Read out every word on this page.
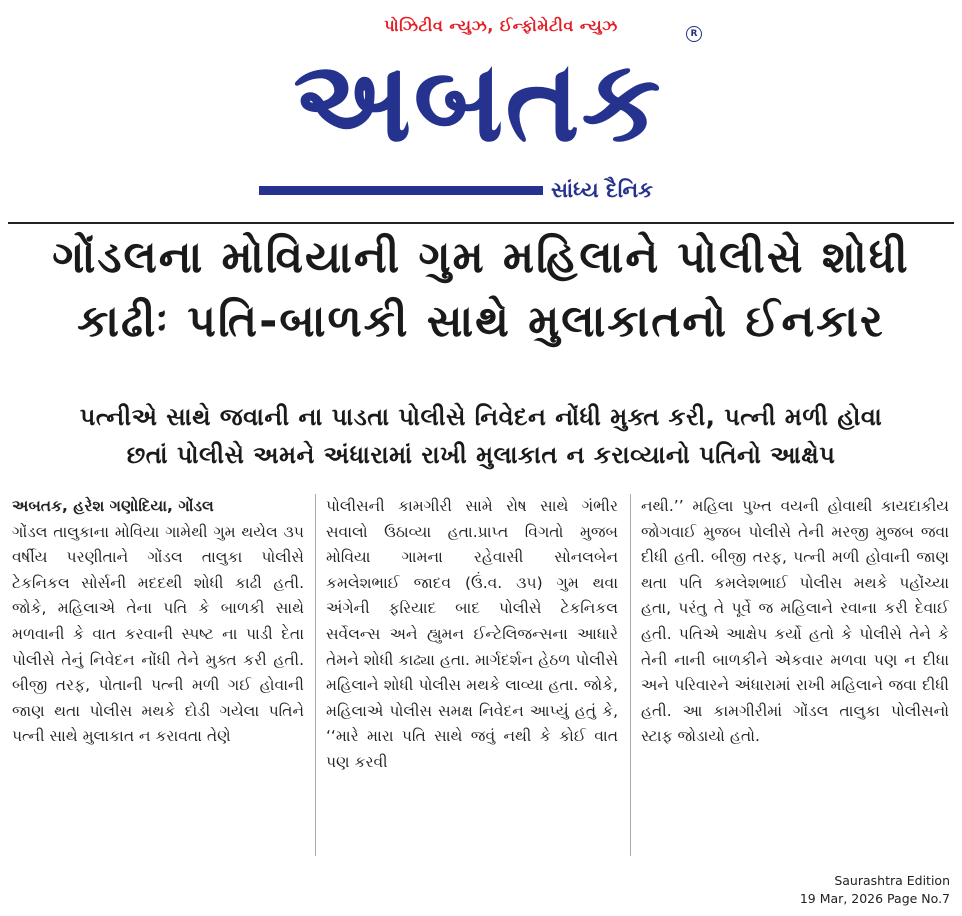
પોઝિટીવ ન્યુઝ, ઈન્ફોમેટીવ ન્યુઝ	R
અબતક
સાંધ્ય દૈનિક
ગોંડલના મોવિયાની ગુમ મહિલાને પોલીસે શોધી
કાઢીઃ પતિ-બાળકી સાથે મુલાકાતનો ઈનકાર
પત્નીએ સાથે જવાની ના પાડતા પોલીસે નિવેદન નોંધી મુક્ત કરી, પત્ની મળી હોવા
છતાં પોલીસે અમને અંધારામાં રાખી મુલાકાત ન કરાવ્યાનો પતિનો આક્ષેપ

અબતક, હરેશ ગણોદિયા, ગોંડલ

ગોંડલ તાલુકાના મોવિયા ગામેથી ગુમ થયેલ ૩૫ વર્ષીય પરણીતાને ગોંડલ તાલુકા પોલીસે ટેકનિકલ સોર્સની મદદથી શોધી કાઢી હતી. જોકે, મહિલાએ તેના પતિ કે બાળકી સાથે મળવાની કે વાત કરવાની સ્પષ્ટ ના પાડી દેતા પોલીસે તેનું નિવેદન નોંધી તેને મુક્ત કરી હતી. બીજી તરફ, પોતાની પત્ની મળી ગઈ હોવાની જાણ થતા પોલીસ મથકે દોડી ગયેલા પતિને પત્ની સાથે મુલાકાત ન કરાવતા તેણે

પોલીસની કામગીરી સામે રોષ સાથે ગંભીર સવાલો ઉઠાવ્યા હતા.પ્રાપ્ત વિગતો મુજબ મોવિયા ગામના રહેવાસી સોનલબેન કમલેશભાઈ જાદવ (ઉં.વ. ૩૫) ગુમ થવા અંગેની ફરિયાદ બાદ પોલીસે ટેકનિકલ સર્વેલન્સ અને હ્યુમન ઈન્ટેલિજન્સના આધારે તેમને શોધી કાઢ્યા હતા. માર્ગદર્શન હેઠળ પોલીસે મહિલાને શોધી પોલીસ મથકે લાવ્યા હતા. જોકે, મહિલાએ પોલીસ સમક્ષ નિવેદન આપ્યું હતું કે, ‘‘મારે મારા પતિ સાથે જવું નથી કે કોઈ વાત પણ કરવી

નથી.’’ મહિલા પુખ્ત વયની હોવાથી કાયદાકીય જોગવાઈ મુજબ પોલીસે તેની મરજી મુજબ જવા દીધી હતી. બીજી તરફ, પત્ની મળી હોવાની જાણ થતા પતિ કમલેશભાઈ પોલીસ મથકે પહોંચ્યા હતા, પરંતુ તે પૂર્વે જ મહિલાને રવાના કરી દેવાઈ હતી. પતિએ આક્ષેપ કર્યો હતો કે પોલીસે તેને કે તેની નાની બાળકીને એકવાર મળવા પણ ન દીધા અને પરિવારને અંધારામાં રાખી મહિલાને જવા દીધી હતી. આ કામગીરીમાં ગોંડલ તાલુકા પોલીસનો સ્ટાફ જોડાયો હતો.

Saurashtra Edition
19 Mar, 2026 Page No.7
